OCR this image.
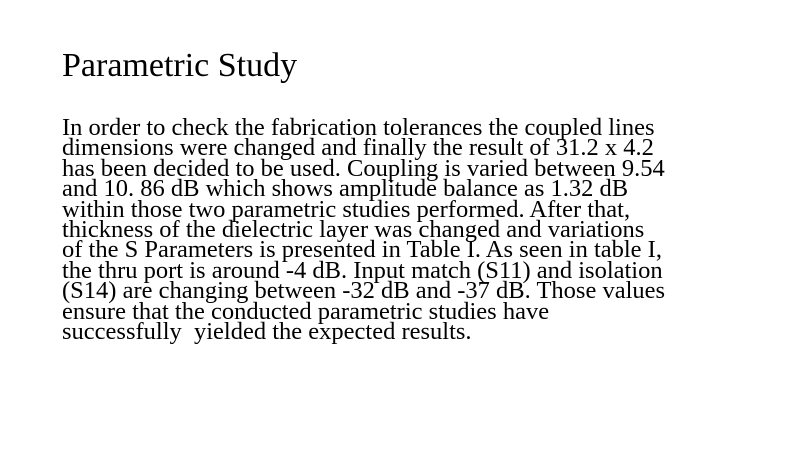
Parametric Study
In order to check the fabrication tolerances the coupled lines
dimensions were changed and finally the result of 31.2 x 4.2
has been decided to be used. Coupling is varied between 9.54
and 10. 86 dB which shows amplitude balance as 1.32 dB
within those two parametric studies performed. After that,
thickness of the dielectric layer was changed and variations
of the S Parameters is presented in Table I. As seen in table I,
the thru port is around -4 dB. Input match (S11) and isolation
(S14) are changing between -32 dB and -37 dB. Those values
ensure that the conducted parametric studies have
successfully  yielded the expected results.
